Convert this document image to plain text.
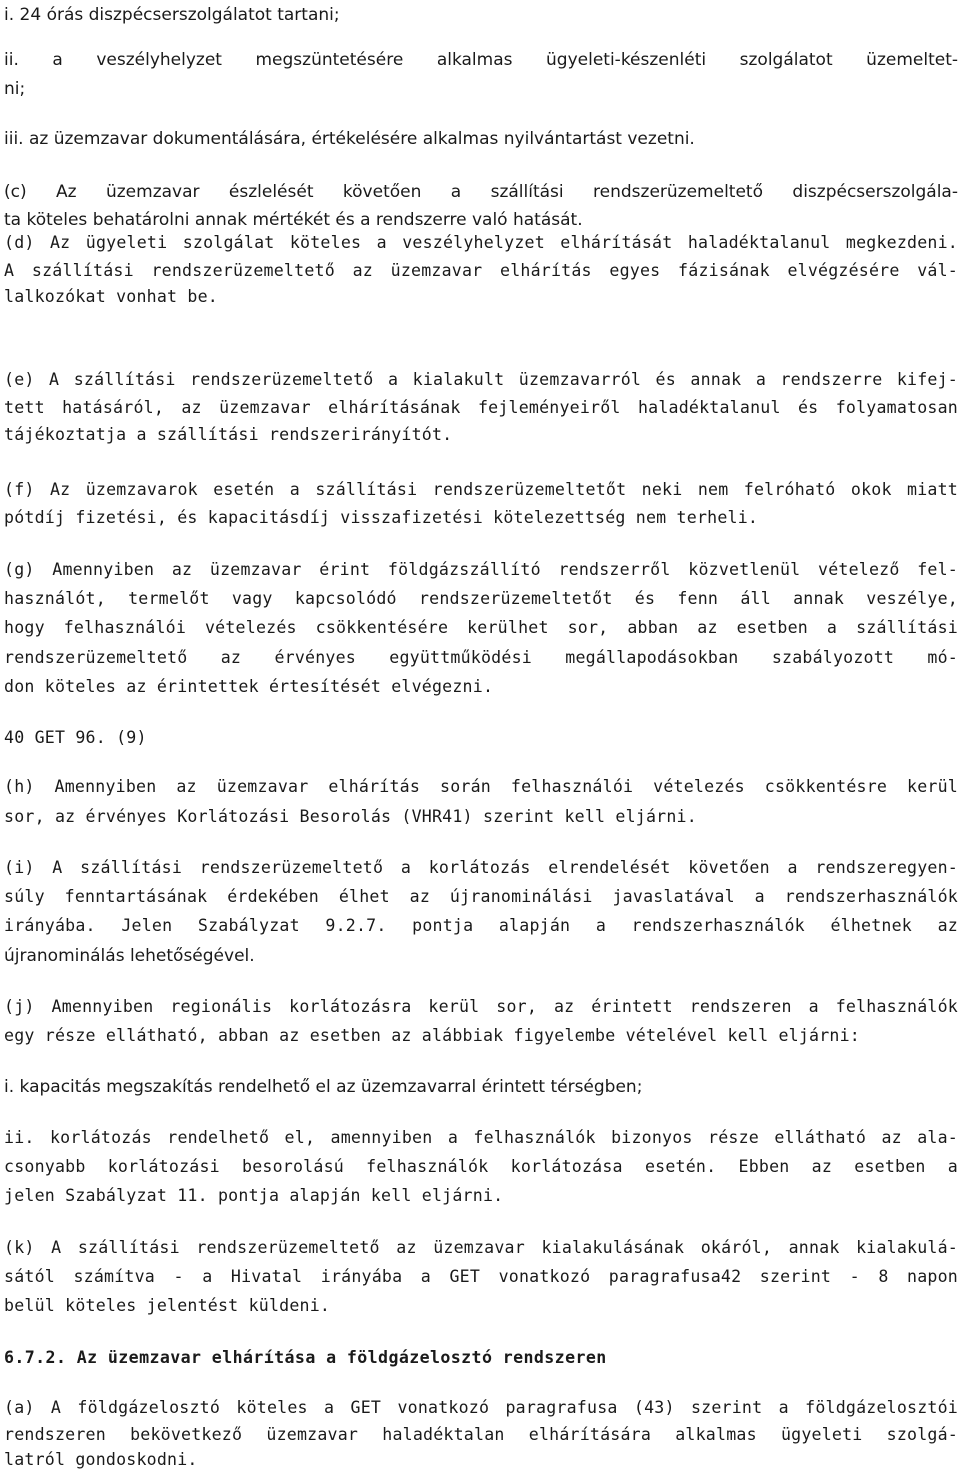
i. 24 órás diszpécserszolgálatot tartani;
ii. a veszélyhelyzet megszüntetésére alkalmas ügyeleti-készenléti szolgálatot üzemeltet-
ni;
iii. az üzemzavar dokumentálására, értékelésére alkalmas nyilvántartást vezetni.
(c) Az üzemzavar észlelését követően a szállítási rendszerüzemeltető diszpécserszolgála-
ta köteles behatárolni annak mértékét és a rendszerre való hatását.
(d) Az ügyeleti szolgálat köteles a veszélyhelyzet elhárítását haladéktalanul megkezdeni.
A szállítási rendszerüzemeltető az üzemzavar elhárítás egyes fázisának elvégzésére vál-
lalkozókat vonhat be.
(e) A szállítási rendszerüzemeltető a kialakult üzemzavarról és annak a rendszerre kifej-
tett hatásáról, az üzemzavar elhárításának fejleményeiről haladéktalanul és folyamatosan
tájékoztatja a szállítási rendszerirányítót.
(f) Az üzemzavarok esetén a szállítási rendszerüzemeltetőt neki nem felróható okok miatt
pótdíj fizetési, és kapacitásdíj visszafizetési kötelezettség nem terheli.
(g) Amennyiben az üzemzavar érint földgázszállító rendszerről közvetlenül vételező fel-
használót, termelőt vagy kapcsolódó rendszerüzemeltetőt és fenn áll annak veszélye,
hogy felhasználói vételezés csökkentésére kerülhet sor, abban az esetben a szállítási
rendszerüzemeltető az érvényes együttműködési megállapodásokban szabályozott mó-
don köteles az érintettek értesítését elvégezni.
40 GET 96. (9)
(h) Amennyiben az üzemzavar elhárítás során felhasználói vételezés csökkentésre kerül
sor, az érvényes Korlátozási Besorolás (VHR41) szerint kell eljárni.
(i) A szállítási rendszerüzemeltető a korlátozás elrendelését követően a rendszeregyen-
súly fenntartásának érdekében élhet az újranominálási javaslatával a rendszerhasználók
irányába. Jelen Szabályzat 9.2.7. pontja alapján a rendszerhasználók élhetnek az
újranominálás lehetőségével.
(j) Amennyiben regionális korlátozásra kerül sor, az érintett rendszeren a felhasználók
egy része ellátható, abban az esetben az alábbiak figyelembe vételével kell eljárni:
i. kapacitás megszakítás rendelhető el az üzemzavarral érintett térségben;
ii. korlátozás rendelhető el, amennyiben a felhasználók bizonyos része ellátható az ala-
csonyabb korlátozási besorolású felhasználók korlátozása esetén. Ebben az esetben a
jelen Szabályzat 11. pontja alapján kell eljárni.
(k) A szállítási rendszerüzemeltető az üzemzavar kialakulásának okáról, annak kialakulá-
sától számítva - a Hivatal irányába a GET vonatkozó paragrafusa42 szerint - 8 napon
belül köteles jelentést küldeni.
6.7.2. Az üzemzavar elhárítása a földgázelosztó rendszeren
(a) A földgázelosztó köteles a GET vonatkozó paragrafusa (43) szerint a földgázelosztói
rendszeren bekövetkező üzemzavar haladéktalan elhárítására alkalmas ügyeleti szolgá-
latról gondoskodni.
